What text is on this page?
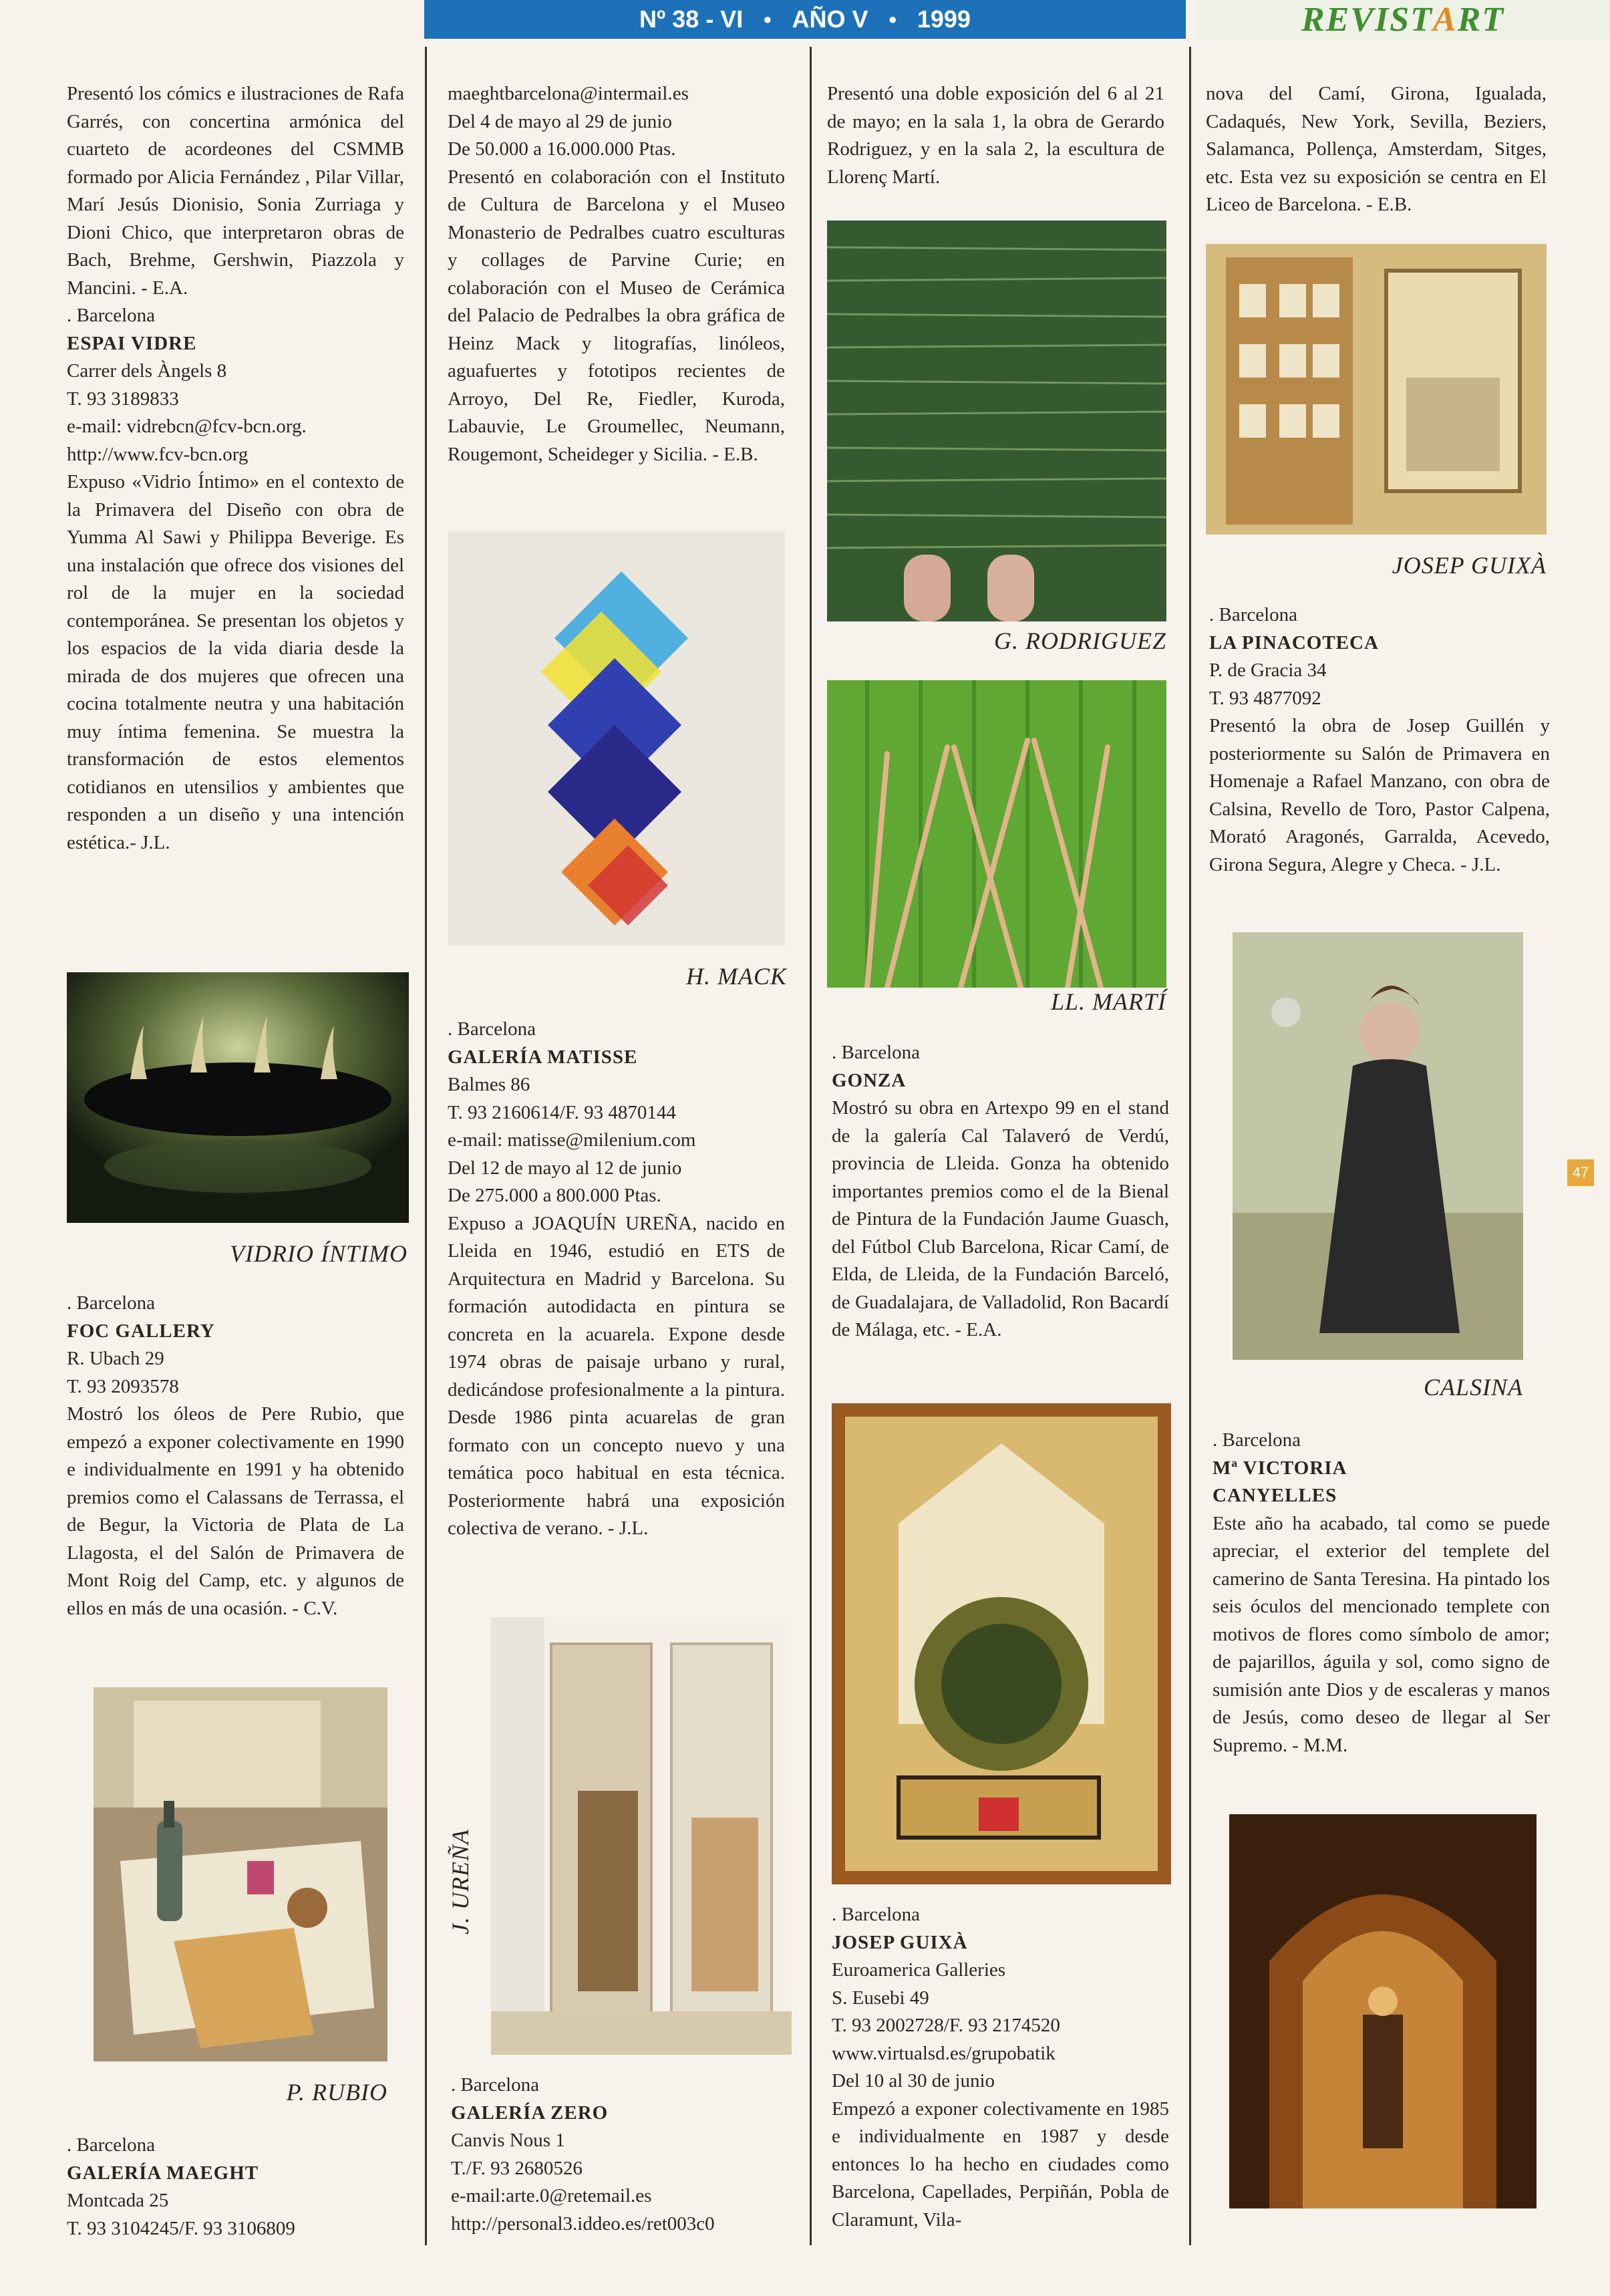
Nº 38 - VI ● AÑO V ● 1999	REVIST A RT

Presentó los cómics e ilustraciones de Rafa Garrés, con concertina armónica del cuarteto de acordeones del CSMMB formado por Alicia Fernández , Pilar Villar, Marí Jesús Dionisio, Sonia Zurriaga y Dioni Chico, que interpretaron obras de Bach, Brehme, Gershwin, Piazzola y Mancini. - E.A.

. Barcelona

ESPAI VIDRE

Carrer dels Àngels 8

T. 93 3189833

e-mail: vidrebcn@fcv-bcn.org.

http://www.fcv-bcn.org

Expuso «Vidrio Íntimo» en el contexto de la Primavera del Diseño con obra de Yumma Al Sawi y Philippa Beverige. Es una instalación que ofrece dos visiones del rol de la mujer en la sociedad contemporánea. Se presentan los objetos y los espacios de la vida diaria desde la mirada de dos mujeres que ofrecen una cocina totalmente neutra y una habitación muy íntima femenina. Se muestra la transformación de estos elementos cotidianos en utensilios y ambientes que responden a un diseño y una intención estética.- J.L.

VIDRIO ÍNTIMO

. Barcelona

FOC GALLERY

R. Ubach 29

T. 93 2093578

Mostró los óleos de Pere Rubio, que empezó a exponer colectivamente en 1990 e individualmente en 1991 y ha obtenido premios como el Calassans de Terrassa, el de Begur, la Victoria de Plata de La Llagosta, el del Salón de Primavera de Mont Roig del Camp, etc. y algunos de ellos en más de una ocasión. - C.V.

P. RUBIO

. Barcelona

GALERÍA MAEGHT

Montcada 25

T. 93 3104245/F. 93 3106809

maeghtbarcelona@intermail.es

Del 4 de mayo al 29 de junio

De 50.000 a 16.000.000 Ptas.

Presentó en colaboración con el Instituto de Cultura de Barcelona y el Museo Monasterio de Pedralbes cuatro esculturas y collages de Parvine Curie; en colaboración con el Museo de Cerámica del Palacio de Pedralbes la obra gráfica de Heinz Mack y litografías, linóleos, aguafuertes y fototipos recientes de Arroyo, Del Re, Fiedler, Kuroda, Labauvie, Le Groumellec, Neumann, Rougemont, Scheideger y Sicilia. - E.B.

H. MACK

. Barcelona

GALERÍA MATISSE

Balmes 86

T. 93 2160614/F. 93 4870144

e-mail: matisse@milenium.com

Del 12 de mayo al 12 de junio

De 275.000 a 800.000 Ptas.

Expuso a JOAQUÍN UREÑA, nacido en Lleida en 1946, estudió en ETS de Arquitectura en Madrid y Barcelona. Su formación autodidacta en pintura se concreta en la acuarela. Expone desde 1974 obras de paisaje urbano y rural, dedicándose profesionalmente a la pintura. Desde 1986 pinta acuarelas de gran formato con un concepto nuevo y una temática poco habitual en esta técnica. Posteriormente habrá una exposición colectiva de verano. - J.L.

J. UREÑA

. Barcelona

GALERÍA ZERO

Canvis Nous 1

T./F. 93 2680526

e-mail:arte.0@retemail.es

http://personal3.iddeo.es/ret003c0

Presentó una doble exposición del 6 al 21 de mayo; en la sala 1, la obra de Gerardo Rodriguez, y en la sala 2, la escultura de Llorenç Martí.

G. RODRIGUEZ
LL. MARTÍ

. Barcelona

GONZA

Mostró su obra en Artexpo 99 en el stand de la galería Cal Talaveró de Verdú, provincia de Lleida. Gonza ha obtenido importantes premios como el de la Bienal de Pintura de la Fundación Jaume Guasch, del Fútbol Club Barcelona, Ricar Camí, de Elda, de Lleida, de la Fundación Barceló, de Guadalajara, de Valladolid, Ron Bacardí de Málaga, etc. - E.A.

. Barcelona

JOSEP GUIXÀ

Euroamerica Galleries

S. Eusebi 49

T. 93 2002728/F. 93 2174520

www.virtualsd.es/grupobatik

Del 10 al 30 de junio

Empezó a exponer colectivamente en 1985 e individualmente en 1987 y desde entonces lo ha hecho en ciudades como Barcelona, Capellades, Perpiñán, Pobla de Claramunt, Vila-

nova del Camí, Girona, Igualada, Cadaqués, New York, Sevilla, Beziers, Salamanca, Pollença, Amsterdam, Sitges, etc. Esta vez su exposición se centra en El Liceo de Barcelona. - E.B.

JOSEP GUIXÀ

. Barcelona

LA PINACOTECA

P. de Gracia 34

T. 93 4877092

Presentó la obra de Josep Guillén y posteriormente su Salón de Primavera en Homenaje a Rafael Manzano, con obra de Calsina, Revello de Toro, Pastor Calpena, Morató Aragonés, Garralda, Acevedo, Girona Segura, Alegre y Checa. - J.L.

CALSINA

. Barcelona

Mª VICTORIA

CANYELLES

Este año ha acabado, tal como se puede apreciar, el exterior del templete del camerino de Santa Teresina. Ha pintado los seis óculos del mencionado templete con motivos de flores como símbolo de amor; de pajarillos, águila y sol, como signo de sumisión ante Dios y de escaleras y manos de Jesús, como deseo de llegar al Ser Supremo. - M.M.

47
